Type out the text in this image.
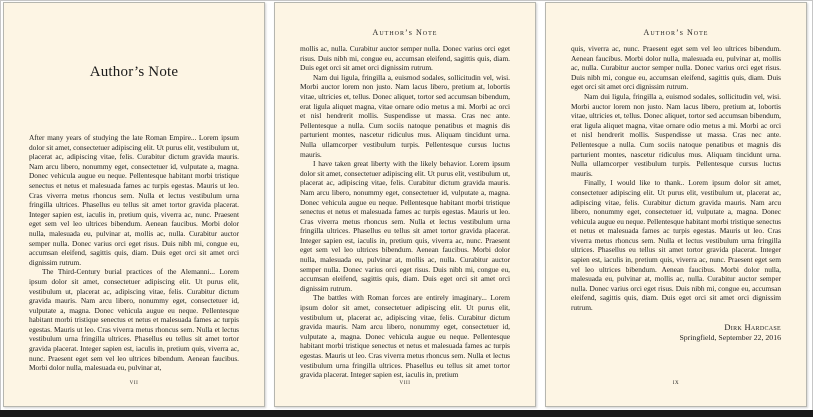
Author’s Note

After many years of studying the late Roman Empire... Lorem ipsum dolor sit amet, consectetuer adipiscing elit. Ut purus elit, vestibulum ut, placerat ac, adipiscing vitae, felis. Curabitur dictum gravida mauris. Nam arcu libero, nonummy eget, consectetuer id, vulputate a, magna. Donec vehicula augue eu neque. Pellentesque habitant morbi tristique senectus et netus et malesuada fames ac turpis egestas. Mauris ut leo. Cras viverra metus rhoncus sem. Nulla et lectus vestibulum urna fringilla ultrices. Phasellus eu tellus sit amet tortor gravida placerat. Integer sapien est, iaculis in, pretium quis, viverra ac, nunc. Praesent eget sem vel leo ultrices bibendum. Aenean faucibus. Morbi dolor nulla, malesuada eu, pulvinar at, mollis ac, nulla. Curabitur auctor semper nulla. Donec varius orci eget risus. Duis nibh mi, congue eu, accumsan eleifend, sagittis quis, diam. Duis eget orci sit amet orci dignissim rutrum.

The Third-Century burial practices of the Alemanni... Lorem ipsum dolor sit amet, consectetuer adipiscing elit. Ut purus elit, vestibulum ut, placerat ac, adipiscing vitae, felis. Curabitur dictum gravida mauris. Nam arcu libero, nonummy eget, consectetuer id, vulputate a, magna. Donec vehicula augue eu neque. Pellentesque habitant morbi tristique senectus et netus et malesuada fames ac turpis egestas. Mauris ut leo. Cras viverra metus rhoncus sem. Nulla et lectus vestibulum urna fringilla ultrices. Phasellus eu tellus sit amet tortor gravida placerat. Integer sapien est, iaculis in, pretium quis, viverra ac, nunc. Praesent eget sem vel leo ultrices bibendum. Aenean faucibus. Morbi dolor nulla, malesuada eu, pulvinar at,

vii
Author’s Note

mollis ac, nulla. Curabitur auctor semper nulla. Donec varius orci eget risus. Duis nibh mi, congue eu, accumsan eleifend, sagittis quis, diam. Duis eget orci sit amet orci dignissim rutrum.

Nam dui ligula, fringilla a, euismod sodales, sollicitudin vel, wisi. Morbi auctor lorem non justo. Nam lacus libero, pretium at, lobortis vitae, ultricies et, tellus. Donec aliquet, tortor sed accumsan bibendum, erat ligula aliquet magna, vitae ornare odio metus a mi. Morbi ac orci et nisl hendrerit mollis. Suspendisse ut massa. Cras nec ante. Pellentesque a nulla. Cum sociis natoque penatibus et magnis dis parturient montes, nascetur ridiculus mus. Aliquam tincidunt urna. Nulla ullamcorper vestibulum turpis. Pellentesque cursus luctus mauris.

I have taken great liberty with the likely behavior. Lorem ipsum dolor sit amet, consectetuer adipiscing elit. Ut purus elit, vestibulum ut, placerat ac, adipiscing vitae, felis. Curabitur dictum gravida mauris. Nam arcu libero, nonummy eget, consectetuer id, vulputate a, magna. Donec vehicula augue eu neque. Pellentesque habitant morbi tristique senectus et netus et malesuada fames ac turpis egestas. Mauris ut leo. Cras viverra metus rhoncus sem. Nulla et lectus vestibulum urna fringilla ultrices. Phasellus eu tellus sit amet tortor gravida placerat. Integer sapien est, iaculis in, pretium quis, viverra ac, nunc. Praesent eget sem vel leo ultrices bibendum. Aenean faucibus. Morbi dolor nulla, malesuada eu, pulvinar at, mollis ac, nulla. Curabitur auctor semper nulla. Donec varius orci eget risus. Duis nibh mi, congue eu, accumsan eleifend, sagittis quis, diam. Duis eget orci sit amet orci dignissim rutrum.

The battles with Roman forces are entirely imaginary... Lorem ipsum dolor sit amet, consectetuer adipiscing elit. Ut purus elit, vestibulum ut, placerat ac, adipiscing vitae, felis. Curabitur dictum gravida mauris. Nam arcu libero, nonummy eget, consectetuer id, vulputate a, magna. Donec vehicula augue eu neque. Pellentesque habitant morbi tristique senectus et netus et malesuada fames ac turpis egestas. Mauris ut leo. Cras viverra metus rhoncus sem. Nulla et lectus vestibulum urna fringilla ultrices. Phasellus eu tellus sit amet tortor gravida placerat. Integer sapien est, iaculis in, pretium

viii
Author’s Note

quis, viverra ac, nunc. Praesent eget sem vel leo ultrices bibendum. Aenean faucibus. Morbi dolor nulla, malesuada eu, pulvinar at, mollis ac, nulla. Curabitur auctor semper nulla. Donec varius orci eget risus. Duis nibh mi, congue eu, accumsan eleifend, sagittis quis, diam. Duis eget orci sit amet orci dignissim rutrum.

Nam dui ligula, fringilla a, euismod sodales, sollicitudin vel, wisi. Morbi auctor lorem non justo. Nam lacus libero, pretium at, lobortis vitae, ultricies et, tellus. Donec aliquet, tortor sed accumsan bibendum, erat ligula aliquet magna, vitae ornare odio metus a mi. Morbi ac orci et nisl hendrerit mollis. Suspendisse ut massa. Cras nec ante. Pellentesque a nulla. Cum sociis natoque penatibus et magnis dis parturient montes, nascetur ridiculus mus. Aliquam tincidunt urna. Nulla ullamcorper vestibulum turpis. Pellentesque cursus luctus mauris.

Finally, I would like to thank.. Lorem ipsum dolor sit amet, consectetuer adipiscing elit. Ut purus elit, vestibulum ut, placerat ac, adipiscing vitae, felis. Curabitur dictum gravida mauris. Nam arcu libero, nonummy eget, consectetuer id, vulputate a, magna. Donec vehicula augue eu neque. Pellentesque habitant morbi tristique senectus et netus et malesuada fames ac turpis egestas. Mauris ut leo. Cras viverra metus rhoncus sem. Nulla et lectus vestibulum urna fringilla ultrices. Phasellus eu tellus sit amet tortor gravida placerat. Integer sapien est, iaculis in, pretium quis, viverra ac, nunc. Praesent eget sem vel leo ultrices bibendum. Aenean faucibus. Morbi dolor nulla, malesuada eu, pulvinar at, mollis ac, nulla. Curabitur auctor semper nulla. Donec varius orci eget risus. Duis nibh mi, congue eu, accumsan eleifend, sagittis quis, diam. Duis eget orci sit amet orci dignissim rutrum.

Dirk Hardcase
Springfield, September 22, 2016
ix
